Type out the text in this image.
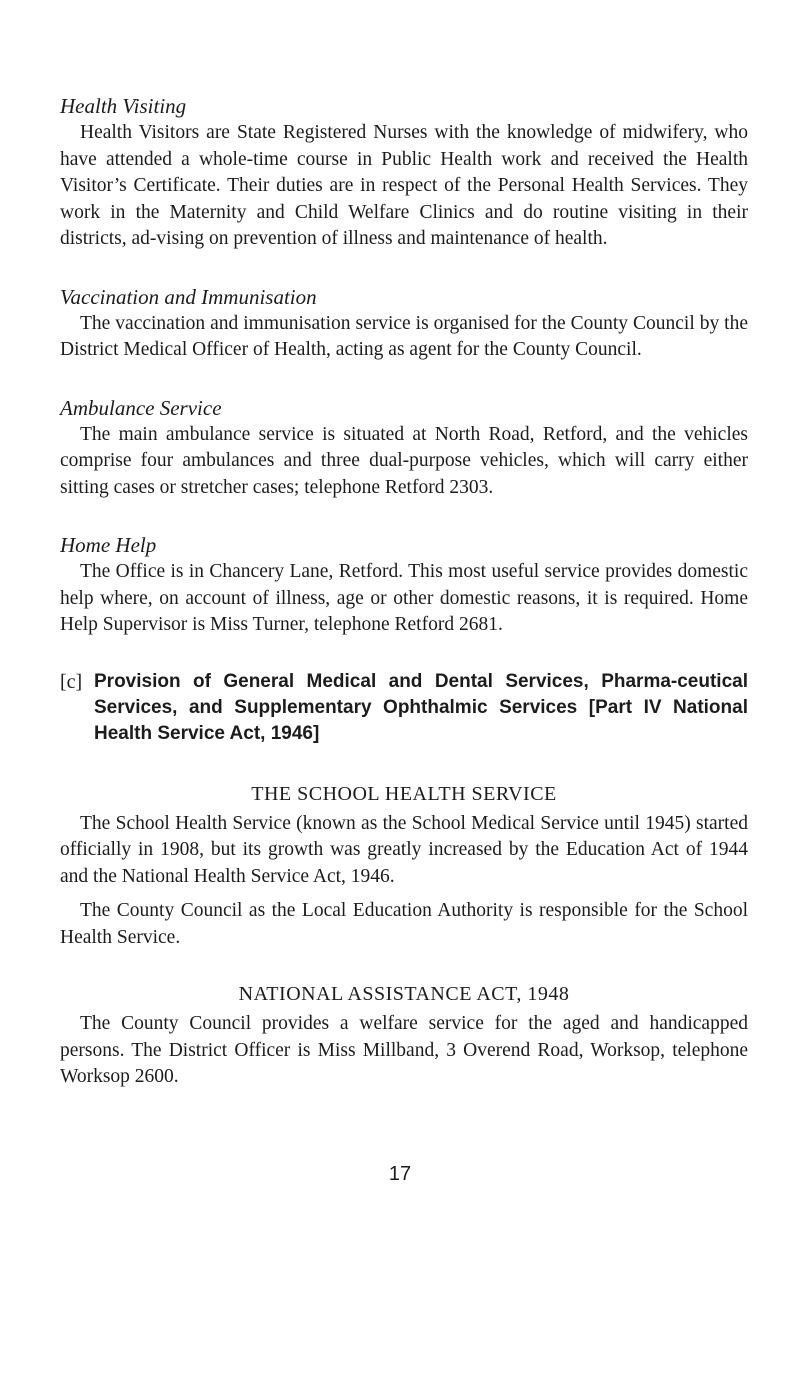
Health Visiting

Health Visitors are State Registered Nurses with the knowledge of midwifery, who have attended a whole-time course in Public Health work and received the Health Visitor’s Certificate. Their duties are in respect of the Personal Health Services. They work in the Maternity and Child Welfare Clinics and do routine visiting in their districts, ad-vising on prevention of illness and maintenance of health.

Vaccination and Immunisation

The vaccination and immunisation service is organised for the County Council by the District Medical Officer of Health, acting as agent for the County Council.

Ambulance Service

The main ambulance service is situated at North Road, Retford, and the vehicles comprise four ambulances and three dual-purpose vehicles, which will carry either sitting cases or stretcher cases; telephone Retford 2303.

Home Help

The Office is in Chancery Lane, Retford. This most useful service provides domestic help where, on account of illness, age or other domestic reasons, it is required. Home Help Supervisor is Miss Turner, telephone Retford 2681.

[c] Provision of General Medical and Dental Services, Pharma-ceutical Services, and Supplementary Ophthalmic Services [Part IV National Health Service Act, 1946]

THE SCHOOL HEALTH SERVICE

The School Health Service (known as the School Medical Service until 1945) started officially in 1908, but its growth was greatly increased by the Education Act of 1944 and the National Health Service Act, 1946.

The County Council as the Local Education Authority is responsible for the School Health Service.

NATIONAL ASSISTANCE ACT, 1948

The County Council provides a welfare service for the aged and handicapped persons. The District Officer is Miss Millband, 3 Overend Road, Worksop, telephone Worksop 2600.

17
